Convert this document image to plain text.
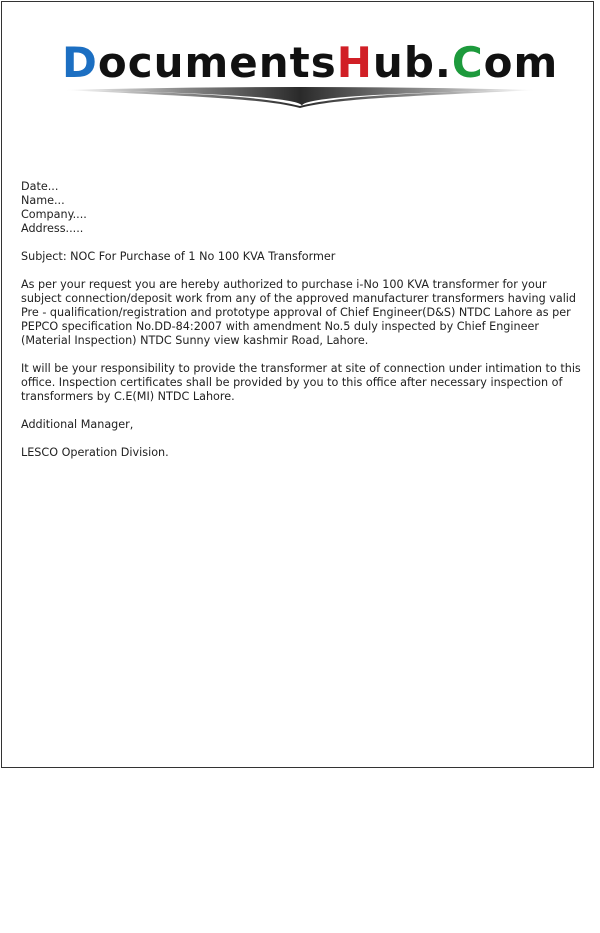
DocumentsHub.Com

Date...

Name...

Company....

Address.....

Subject: NOC For Purchase of 1 No 100 KVA Transformer

As per your request you are hereby authorized to purchase i-No 100 KVA transformer for your subject connection/deposit work from any of the approved manufacturer transformers having valid Pre - qualification/registration and prototype approval of Chief Engineer(D&S) NTDC Lahore as per PEPCO specification No.DD-84:2007 with amendment No.5 duly inspected by Chief Engineer (Material Inspection) NTDC Sunny view kashmir Road, Lahore.

It will be your responsibility to provide the transformer at site of connection under intimation to this office. Inspection certificates shall be provided by you to this office after necessary inspection of transformers by C.E(MI) NTDC Lahore.

Additional Manager,

LESCO Operation Division.
